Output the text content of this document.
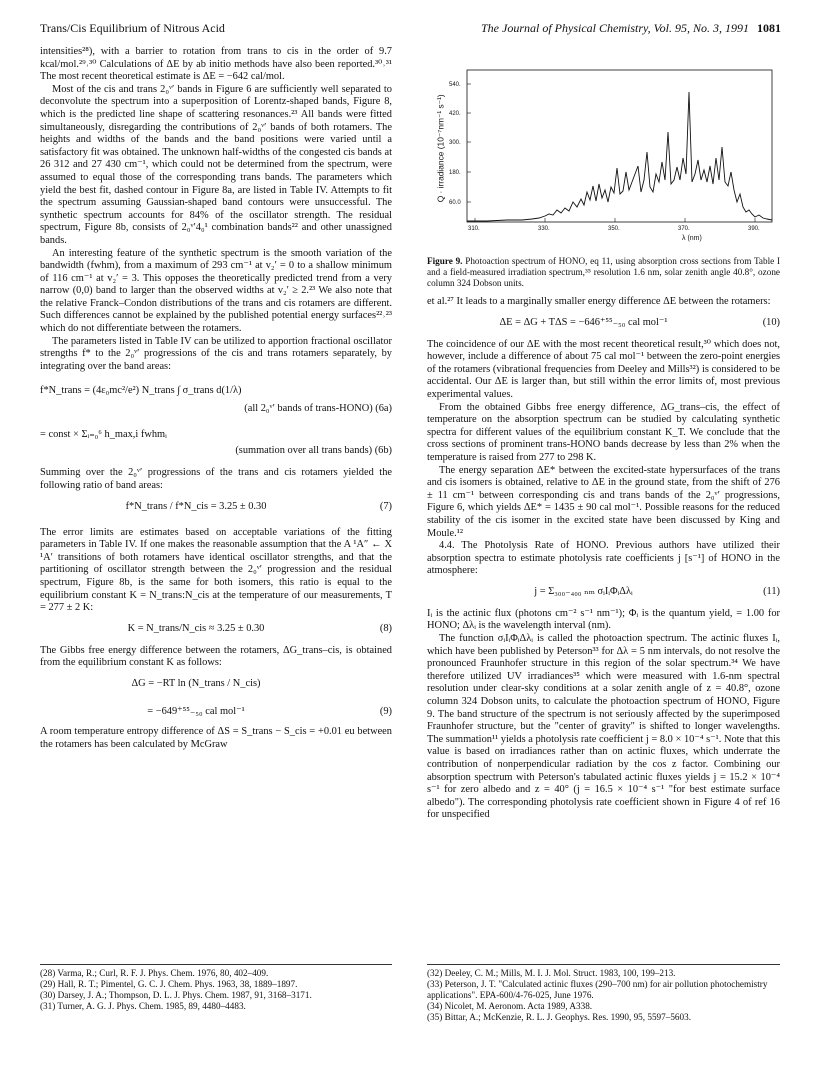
Trans/Cis Equilibrium of Nitrous Acid	The Journal of Physical Chemistry, Vol. 95, No. 3, 1991 1081

intensities²⁸), with a barrier to rotation from trans to cis in the order of 9.7 kcal/mol.²⁹˒³⁰ Calculations of ΔE by ab initio methods have also been reported.³⁰˒³¹ The most recent theoretical estimate is ΔE = −642 cal/mol.

Most of the cis and trans 2₀ᵛ′ bands in Figure 6 are sufficiently well separated to deconvolute the spectrum into a superposition of Lorentz-shaped bands, Figure 8, which is the predicted line shape of scattering resonances.²³ All bands were fitted simultaneously, disregarding the contributions of 2₀ᵛ′ bands of both rotamers. The heights and widths of the bands and the band positions were varied until a satisfactory fit was obtained. The unknown half-widths of the congested cis bands at 26 312 and 27 430 cm⁻¹, which could not be determined from the spectrum, were assumed to equal those of the corresponding trans bands. The parameters which yield the best fit, dashed contour in Figure 8a, are listed in Table IV. Attempts to fit the spectrum assuming Gaussian-shaped band contours were unsuccessful. The synthetic spectrum accounts for 84% of the oscillator strength. The residual spectrum, Figure 8b, consists of 2₀ᵛ′4₀¹ combination bands²² and other unassigned bands.

An interesting feature of the synthetic spectrum is the smooth variation of the bandwidth (fwhm), from a maximum of 293 cm⁻¹ at v₂′ = 0 to a shallow minimum of 116 cm⁻¹ at v₂′ = 3. This opposes the theoretically predicted trend from a very narrow (0,0) band to larger than the observed widths at v₂′ ≥ 2.²³ We also note that the relative Franck–Condon distributions of the trans and cis rotamers are different. Such differences cannot be explained by the published potential energy surfaces²²˒²³ which do not differentiate between the rotamers.

The parameters listed in Table IV can be utilized to apportion fractional oscillator strengths f* to the 2₀ᵛ′ progressions of the cis and trans rotamers separately, by integrating over the band areas:

f*N_trans = (4ε₀mc²/e²) N_trans ∫ σ_trans d(1/λ)
(all 2₀ᵛ′ bands of trans-HONO) (6a)
= const × Σᵢ₌₀⁶ h_max,i fwhmᵢ
(summation over all trans bands) (6b)

Summing over the 2₀ᵛ′ progressions of the trans and cis rotamers yielded the following ratio of band areas:

f*N_trans / f*N_cis = 3.25 ± 0.30	(7)

The error limits are estimates based on acceptable variations of the fitting parameters in Table IV. If one makes the reasonable assumption that the A ¹A″ ← X ¹A′ transitions of both rotamers have identical oscillator strengths, and that the partitioning of oscillator strength between the 2₀ᵛ′ progression and the residual spectrum, Figure 8b, is the same for both isomers, this ratio is equal to the equilibrium constant K = N_trans:N_cis at the temperature of our measurements, T = 277 ± 2 K:

K = N_trans/N_cis ≈ 3.25 ± 0.30	(8)

The Gibbs free energy difference between the rotamers, ΔG_trans–cis, is obtained from the equilibrium constant K as follows:

ΔG = −RT ln (N_trans / N_cis)
= −649⁺⁵⁵₋₅₀ cal mol⁻¹	(9)

A room temperature entropy difference of ΔS = S_trans − S_cis = +0.01 eu between the rotamers has been calculated by McGraw

Q · irradiance (10⁻⁷nm⁻¹ s⁻¹)
540.
420.
300.
180.
60.0
310.	330.	350.	370.	390.
λ (nm)
Figure 9. Photoaction spectrum of HONO, eq 11, using absorption cross sections from Table I and a field-measured irradiation spectrum,³⁵ resolution 1.6 nm, solar zenith angle 40.8°, ozone column 324 Dobson units.

et al.²⁷ It leads to a marginally smaller energy difference ΔE between the rotamers:

ΔE = ΔG + TΔS = −646⁺⁵⁵₋₅₀ cal mol⁻¹	(10)

The coincidence of our ΔE with the most recent theoretical result,³⁰ which does not, however, include a difference of about 75 cal mol⁻¹ between the zero-point energies of the rotamers (vibrational frequencies from Deeley and Mills³²) is considered to be accidental. Our ΔE is larger than, but still within the error limits of, most previous experimental values.

From the obtained Gibbs free energy difference, ΔG_trans–cis, the effect of temperature on the absorption spectrum can be studied by calculating synthetic spectra for different values of the equilibrium constant K_T. We conclude that the cross sections of prominent trans-HONO bands decrease by less than 2% when the temperature is raised from 277 to 298 K.

The energy separation ΔE* between the excited-state hypersurfaces of the trans and cis isomers is obtained, relative to ΔE in the ground state, from the shift of 276 ± 11 cm⁻¹ between corresponding cis and trans bands of the 2₀ᵛ′ progressions, Figure 6, which yields ΔE* = 1435 ± 90 cal mol⁻¹. Possible reasons for the reduced stability of the cis isomer in the excited state have been discussed by King and Moule.¹²

4.4. The Photolysis Rate of HONO. Previous authors have utilized their absorption spectra to estimate photolysis rate coefficients j [s⁻¹] of HONO in the atmosphere:

j = Σ₃₀₀₋₄₀₀ ₙₘ σᵢIᵢΦᵢΔλᵢ	(11)

Iᵢ is the actinic flux (photons cm⁻² s⁻¹ nm⁻¹); Φᵢ is the quantum yield, = 1.00 for HONO; Δλᵢ is the wavelength interval (nm).

The function σᵢIᵢΦᵢΔλᵢ is called the photoaction spectrum. The actinic fluxes Iᵢ, which have been published by Peterson³³ for Δλ = 5 nm intervals, do not resolve the pronounced Fraunhofer structure in this region of the solar spectrum.³⁴ We have therefore utilized UV irradiances³⁵ which were measured with 1.6-nm spectral resolution under clear-sky conditions at a solar zenith angle of z = 40.8°, ozone column 324 Dobson units, to calculate the photoaction spectrum of HONO, Figure 9. The band structure of the spectrum is not seriously affected by the superimposed Fraunhofer structure, but the "center of gravity" is shifted to longer wavelengths. The summation¹¹ yields a photolysis rate coefficient j = 8.0 × 10⁻⁴ s⁻¹. Note that this value is based on irradiances rather than on actinic fluxes, which underrate the contribution of nonperpendicular radiation by the cos z factor. Combining our absorption spectrum with Peterson's tabulated actinic fluxes yields j = 15.2 × 10⁻⁴ s⁻¹ for zero albedo and z = 40° (j = 16.5 × 10⁻⁴ s⁻¹ "for best estimate surface albedo"). The corresponding photolysis rate coefficient shown in Figure 4 of ref 16 for unspecified

(28) Varma, R.; Curl, R. F. J. Phys. Chem. 1976, 80, 402–409.
(29) Hall, R. T.; Pimentel, G. C. J. Chem. Phys. 1963, 38, 1889–1897.
(30) Darsey, J. A.; Thompson, D. L. J. Phys. Chem. 1987, 91, 3168–3171.
(31) Turner, A. G. J. Phys. Chem. 1985, 89, 4480–4483.
(32) Deeley, C. M.; Mills, M. I. J. Mol. Struct. 1983, 100, 199–213.
(33) Peterson, J. T. "Calculated actinic fluxes (290–700 nm) for air pollution photochemistry applications". EPA-600/4-76-025, June 1976.
(34) Nicolet, M. Aeronom. Acta 1989, A338.
(35) Bittar, A.; McKenzie, R. L. J. Geophys. Res. 1990, 95, 5597–5603.
